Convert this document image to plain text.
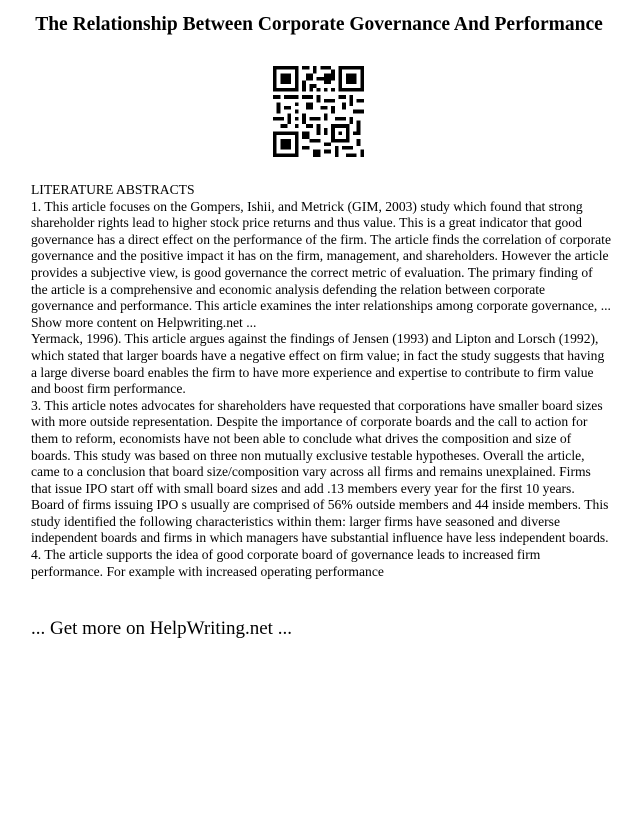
The Relationship Between Corporate Governance And Performance

LITERATURE ABSTRACTS

1. This article focuses on the Gompers, Ishii, and Metrick (GIM, 2003) study which found that strong shareholder rights lead to higher stock price returns and thus value. This is a great indicator that good governance has a direct effect on the performance of the firm. The article finds the correlation of corporate governance and the positive impact it has on the firm, management, and shareholders. However the article provides a subjective view, is good governance the correct metric of evaluation. The primary finding of the article is a comprehensive and economic analysis defending the relation between corporate governance and performance. This article examines the inter relationships among corporate governance, ... Show more content on Helpwriting.net ...

Yermack, 1996). This article argues against the findings of Jensen (1993) and Lipton and Lorsch (1992), which stated that larger boards have a negative effect on firm value; in fact the study suggests that having a large diverse board enables the firm to have more experience and expertise to contribute to firm value and boost firm performance.

3. This article notes advocates for shareholders have requested that corporations have smaller board sizes with more outside representation. Despite the importance of corporate boards and the call to action for them to reform, economists have not been able to conclude what drives the composition and size of boards. This study was based on three non mutually exclusive testable hypotheses. Overall the article, came to a conclusion that board size/composition vary across all firms and remains unexplained. Firms that issue IPO start off with small board sizes and add .13 members every year for the first 10 years. Board of firms issuing IPO s usually are comprised of 56% outside members and 44 inside members. This study identified the following characteristics within them: larger firms have seasoned and diverse independent boards and firms in which managers have substantial influence have less independent boards.

4. The article supports the idea of good corporate board of governance leads to increased firm performance. For example with increased operating performance

... Get more on HelpWriting.net ...
